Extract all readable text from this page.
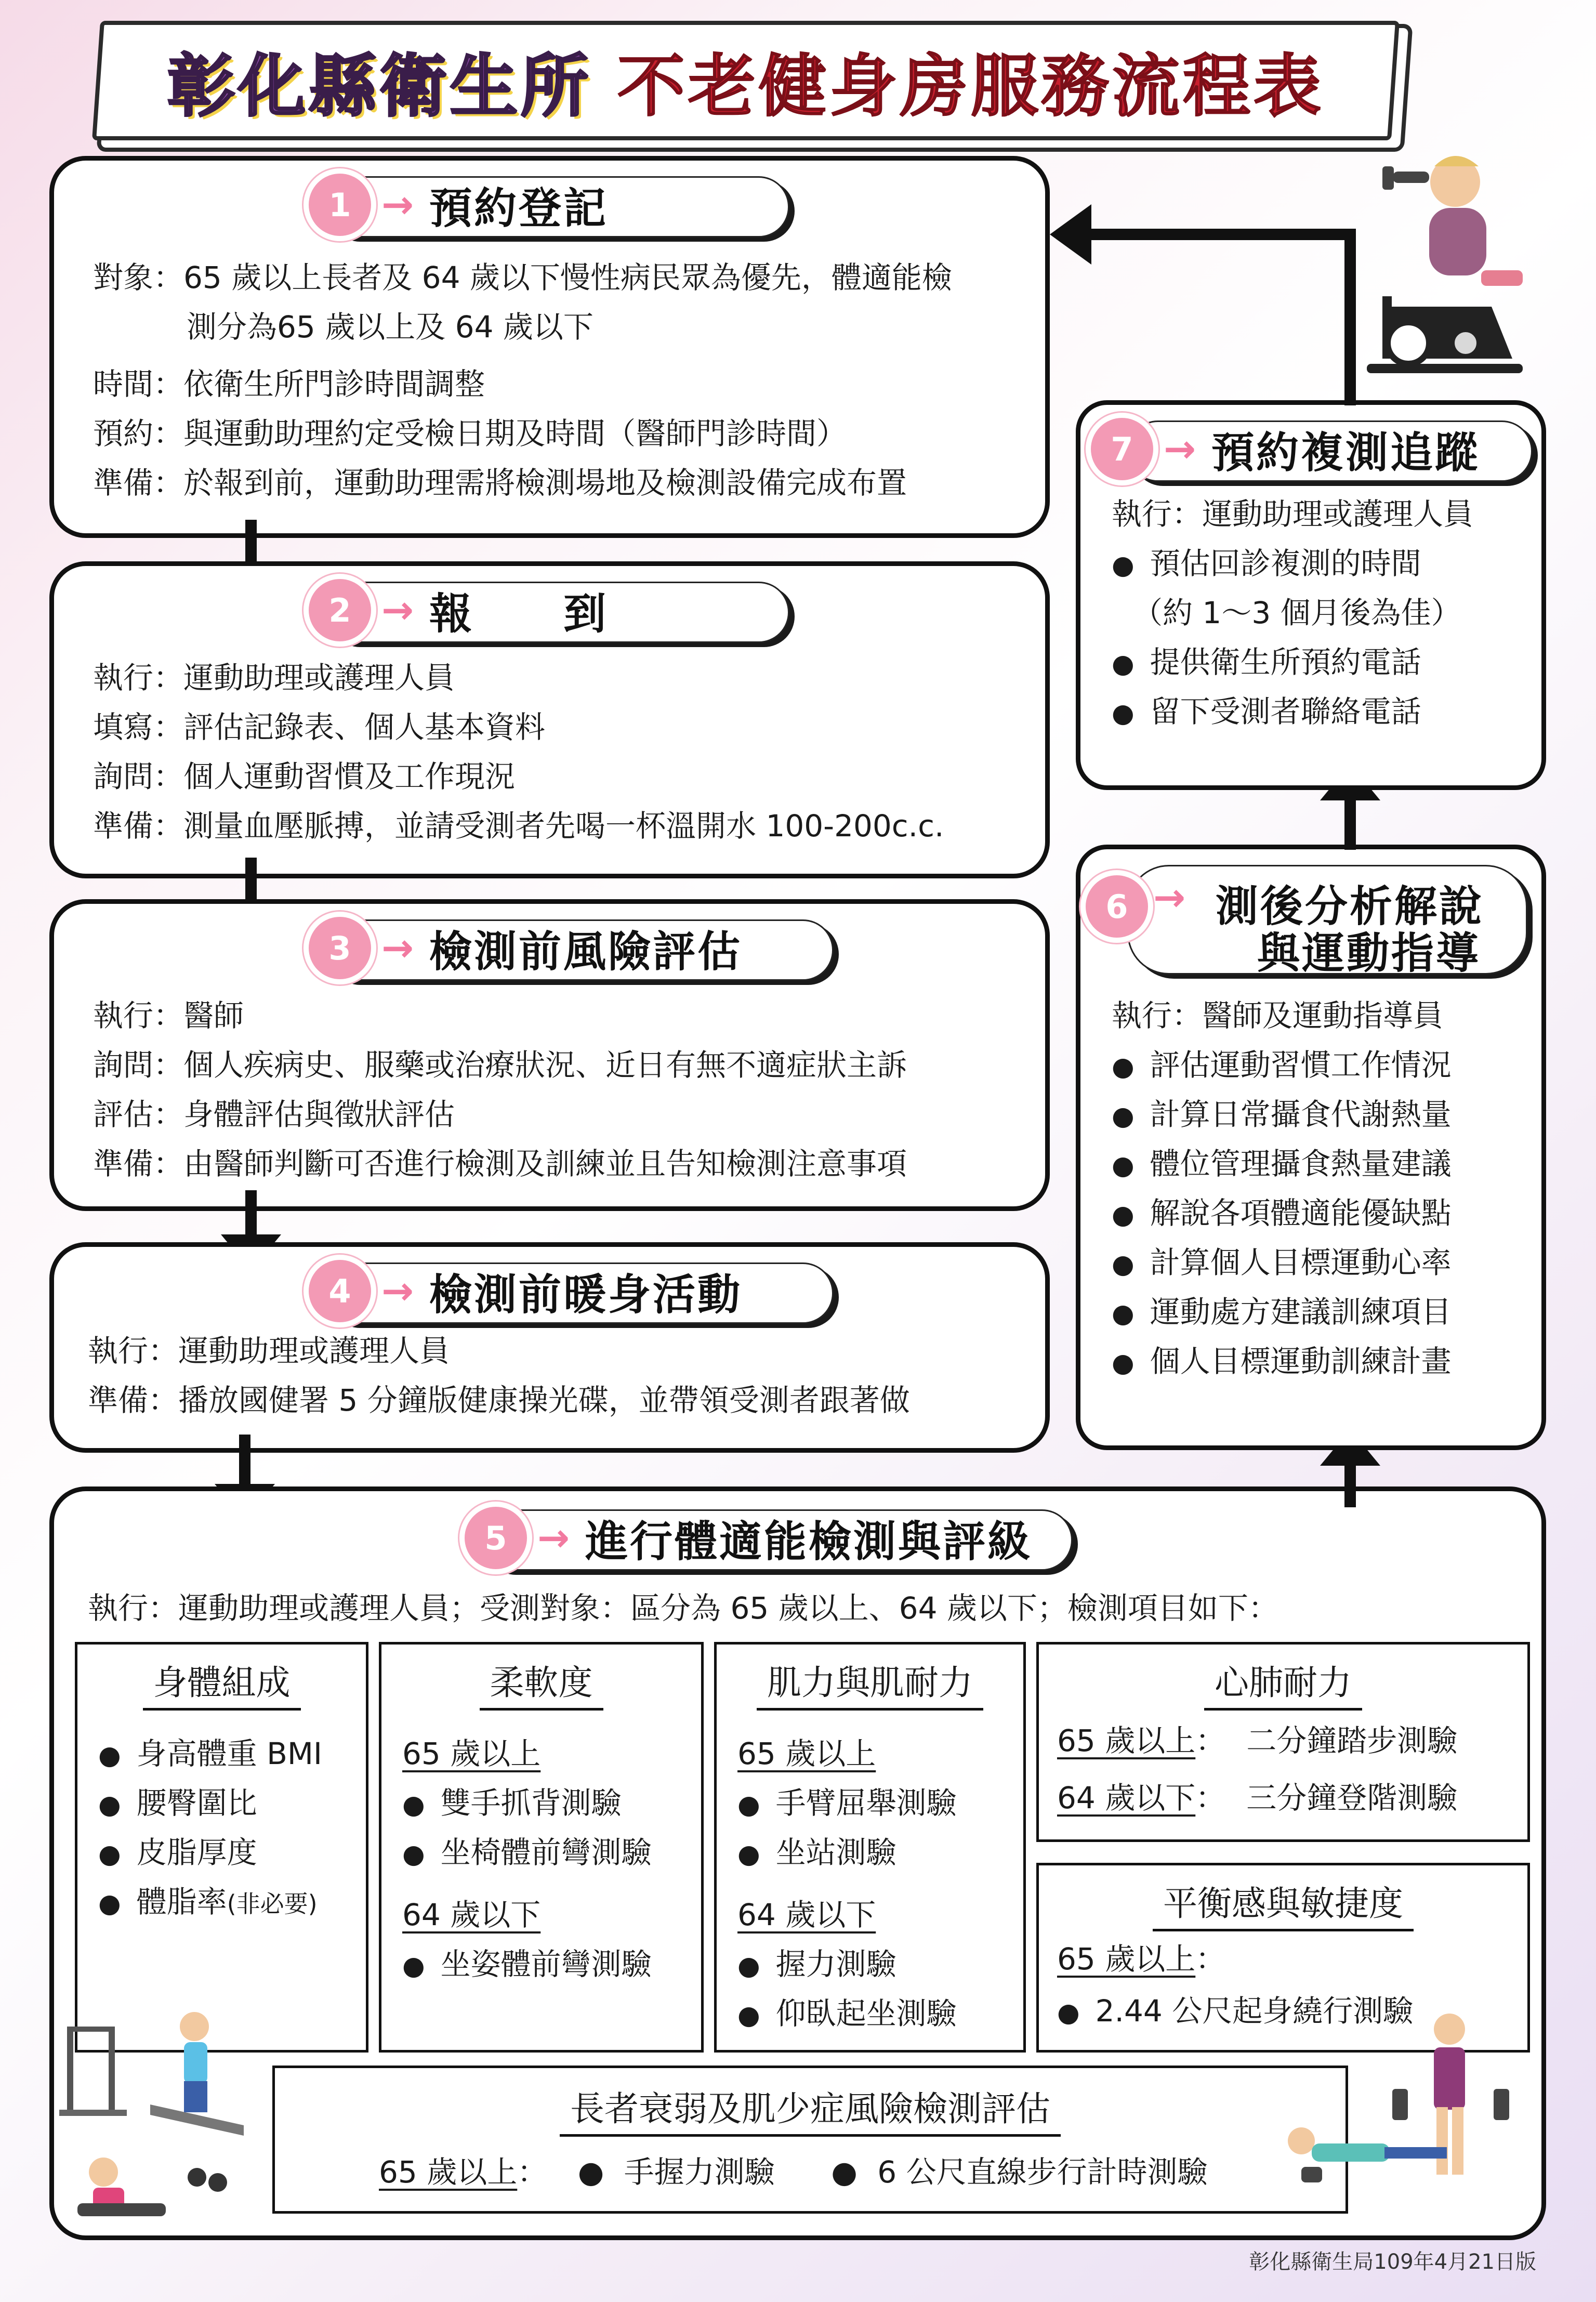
彰化縣衛生所 不老健身房服務流程表
1 → 預約登記
對象：65 歲以上長者及 64 歲以下慢性病民眾為優先，體適能檢
測分為65 歲以上及 64 歲以下
時間：依衛生所門診時間調整
預約：與運動助理約定受檢日期及時間（醫師門診時間）
準備：於報到前，運動助理需將檢測場地及檢測設備完成布置
2 → 報　　到
執行：運動助理或護理人員
填寫：評估記錄表、個人基本資料
詢問：個人運動習慣及工作現況
準備：測量血壓脈搏，並請受測者先喝一杯溫開水 100-200c.c.
3 → 檢測前風險評估
執行：醫師
詢問：個人疾病史、服藥或治療狀況、近日有無不適症狀主訴
評估：身體評估與徵狀評估
準備：由醫師判斷可否進行檢測及訓練並且告知檢測注意事項
4 → 檢測前暖身活動
執行：運動助理或護理人員
準備：播放國健署 5 分鐘版健康操光碟，並帶領受測者跟著做
5 → 進行體適能檢測與評級
執行：運動助理或護理人員；受測對象：區分為 65 歲以上、64 歲以下；檢測項目如下：
身體組成
● 身高體重 BMI
● 腰臀圍比
● 皮脂厚度
● 體脂率(非必要)
柔軟度
65 歲以上
● 雙手抓背測驗
● 坐椅體前彎測驗
64 歲以下
● 坐姿體前彎測驗
肌力與肌耐力
65 歲以上
● 手臂屈舉測驗
● 坐站測驗
64 歲以下
● 握力測驗
● 仰臥起坐測驗
心肺耐力
65 歲以上： 二分鐘踏步測驗
64 歲以下： 三分鐘登階測驗
平衡感與敏捷度
65 歲以上：
● 2.44 公尺起身繞行測驗
長者衰弱及肌少症風險檢測評估
65 歲以上： ● 手握力測驗 ● 6 公尺直線步行計時測驗
6 → 測後分析解說
與運動指導
執行：醫師及運動指導員
● 評估運動習慣工作情況
● 計算日常攝食代謝熱量
● 體位管理攝食熱量建議
● 解說各項體適能優缺點
● 計算個人目標運動心率
● 運動處方建議訓練項目
● 個人目標運動訓練計畫
7 → 預約複測追蹤
執行：運動助理或護理人員
● 預估回診複測的時間
（約 1～3 個月後為佳）
● 提供衛生所預約電話
● 留下受測者聯絡電話
彰化縣衛生局109年4月21日版
